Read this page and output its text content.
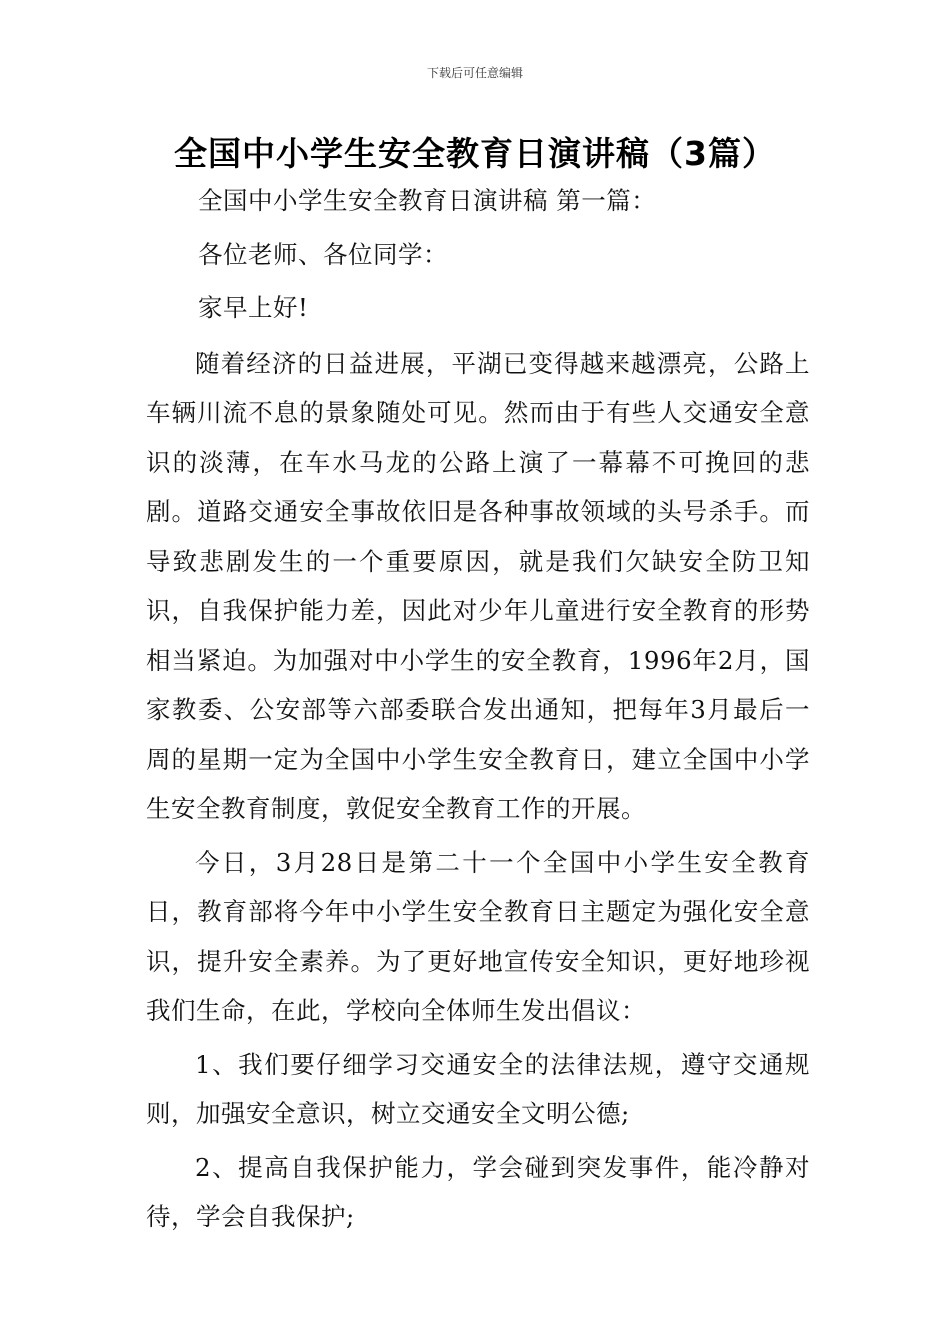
下载后可任意编辑
全国中小学生安全教育日演讲稿（3篇）

全国中小学生安全教育日演讲稿 第一篇：

各位老师、各位同学：

家早上好!

随着经济的日益进展，平湖已变得越来越漂亮，公路上车辆川流不息的景象随处可见。然而由于有些人交通安全意识的淡薄，在车水马龙的公路上演了一幕幕不可挽回的悲剧。道路交通安全事故依旧是各种事故领域的头号杀手。而导致悲剧发生的一个重要原因，就是我们欠缺安全防卫知识，自我保护能力差，因此对少年儿童进行安全教育的形势相当紧迫。为加强对中小学生的安全教育，1996年2月，国家教委、公安部等六部委联合发出通知，把每年3月最后一周的星期一定为全国中小学生安全教育日，建立全国中小学生安全教育制度，敦促安全教育工作的开展。

今日，3月28日是第二十一个全国中小学生安全教育日，教育部将今年中小学生安全教育日主题定为强化安全意识，提升安全素养。为了更好地宣传安全知识，更好地珍视我们生命，在此，学校向全体师生发出倡议：

1、我们要仔细学习交通安全的法律法规，遵守交通规则，加强安全意识，树立交通安全文明公德;

2、提高自我保护能力，学会碰到突发事件，能冷静对待，学会自我保护;
